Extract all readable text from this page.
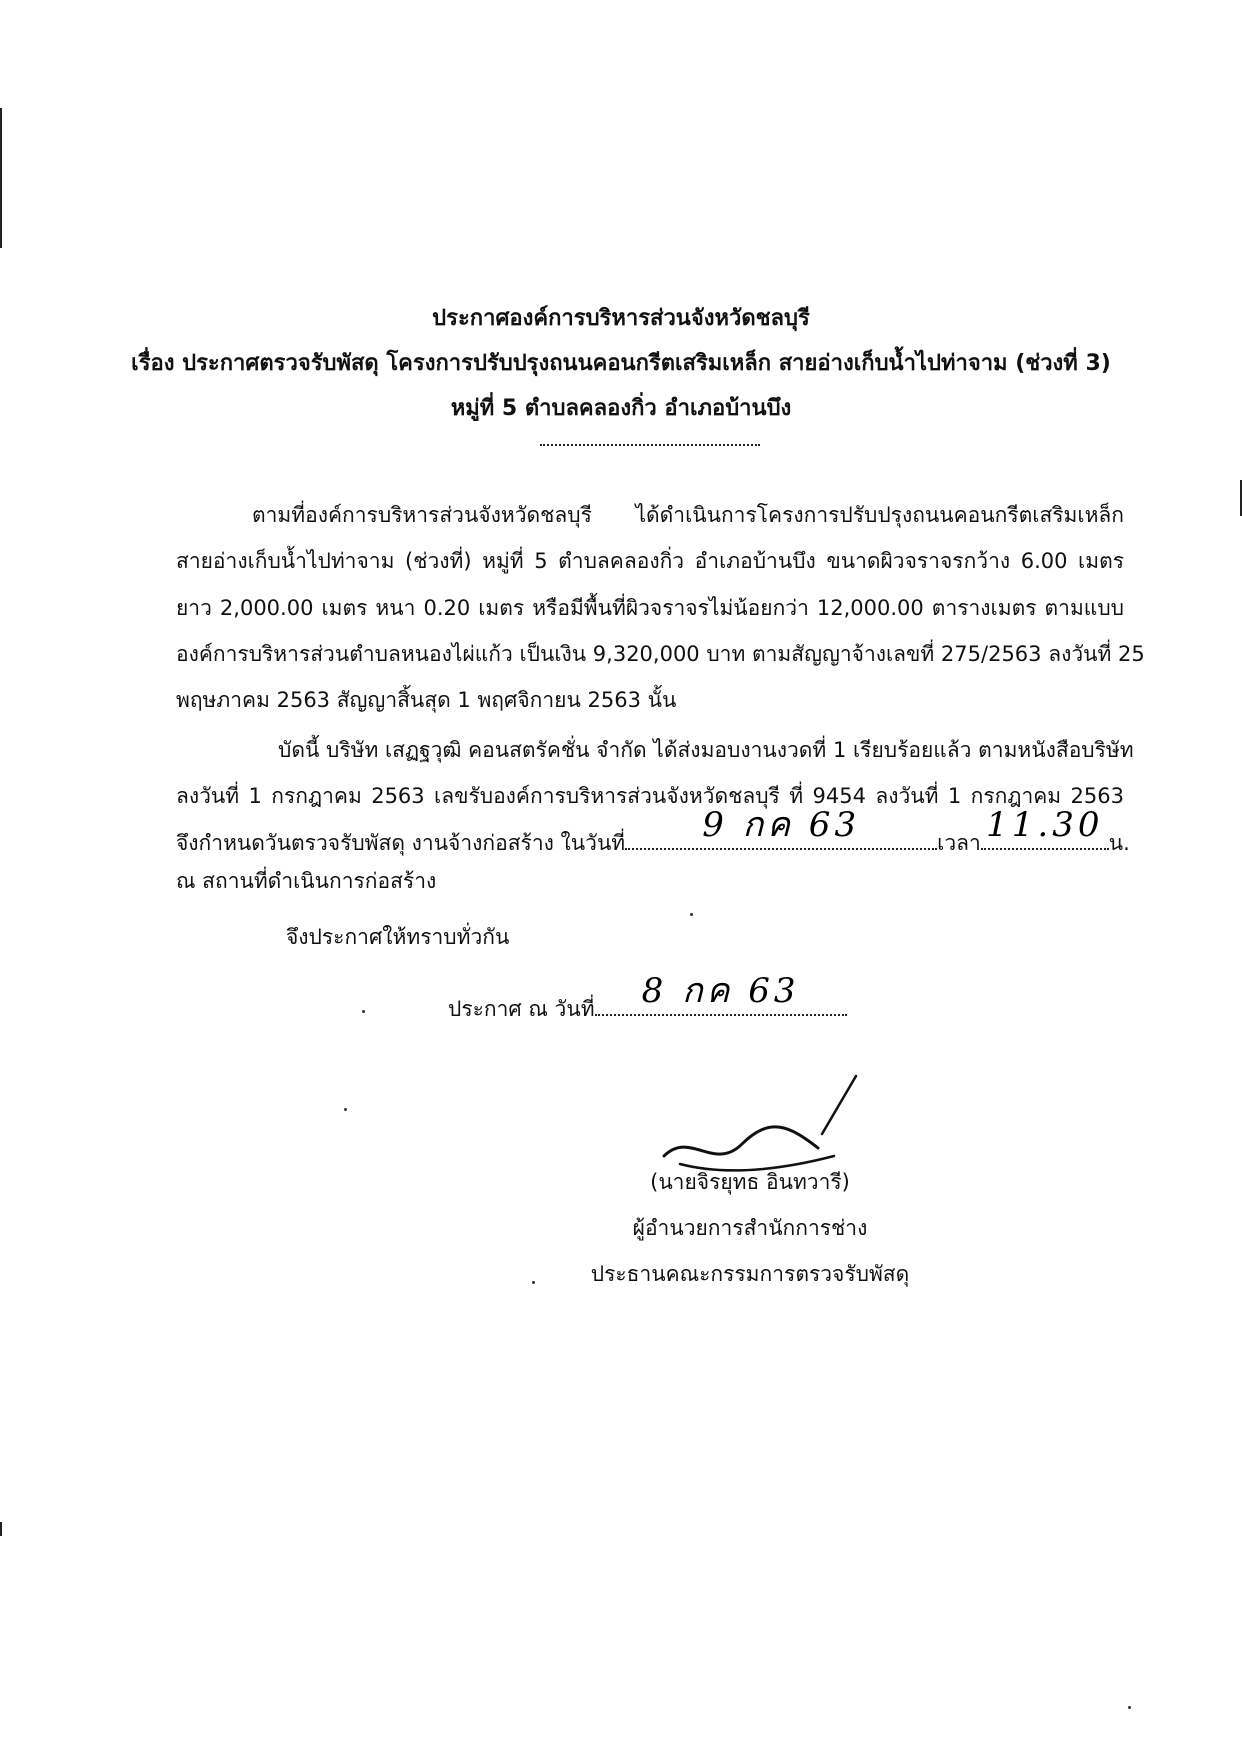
ประกาศองค์การบริหารส่วนจังหวัดชลบุรี
เรื่อง ประกาศตรวจรับพัสดุ โครงการปรับปรุงถนนคอนกรีตเสริมเหล็ก สายอ่างเก็บน้ำไปท่าจาม (ช่วงที่ 3)
หมู่ที่ 5 ตำบลคลองกิ่ว อำเภอบ้านบึง
ตามที่องค์การบริหารส่วนจังหวัดชลบุรี ได้ดำเนินการโครงการปรับปรุงถนนคอนกรีตเสริมเหล็ก
สายอ่างเก็บน้ำไปท่าจาม (ช่วงที่) หมู่ที่ 5 ตำบลคลองกิ่ว อำเภอบ้านบึง ขนาดผิวจราจรกว้าง 6.00 เมตร
ยาว 2,000.00 เมตร หนา 0.20 เมตร หรือมีพื้นที่ผิวจราจรไม่น้อยกว่า 12,000.00 ตารางเมตร ตามแบบ
องค์การบริหารส่วนตำบลหนองไผ่แก้ว เป็นเงิน 9,320,000 บาท ตามสัญญาจ้างเลขที่ 275/2563 ลงวันที่ 25
พฤษภาคม 2563 สัญญาสิ้นสุด 1 พฤศจิกายน 2563 นั้น
บัดนี้ บริษัท เสฏฐวุฒิ คอนสตรัคชั่น จำกัด ได้ส่งมอบงานงวดที่ 1 เรียบร้อยแล้ว ตามหนังสือบริษัท
ลงวันที่ 1 กรกฎาคม 2563 เลขรับองค์การบริหารส่วนจังหวัดชลบุรี ที่ 9454 ลงวันที่ 1 กรกฎาคม 2563
จึงกำหนดวันตรวจรับพัสดุ งานจ้างก่อสร้าง ในวันที่	9 กค 63	เวลา 11.30 น.
ณ สถานที่ดำเนินการก่อสร้าง
จึงประกาศให้ทราบทั่วกัน
ประกาศ ณ วันที่	8 กค 63
(นายจิรยุทธ อินทวารี)
ผู้อำนวยการสำนักการช่าง
ประธานคณะกรรมการตรวจรับพัสดุ
